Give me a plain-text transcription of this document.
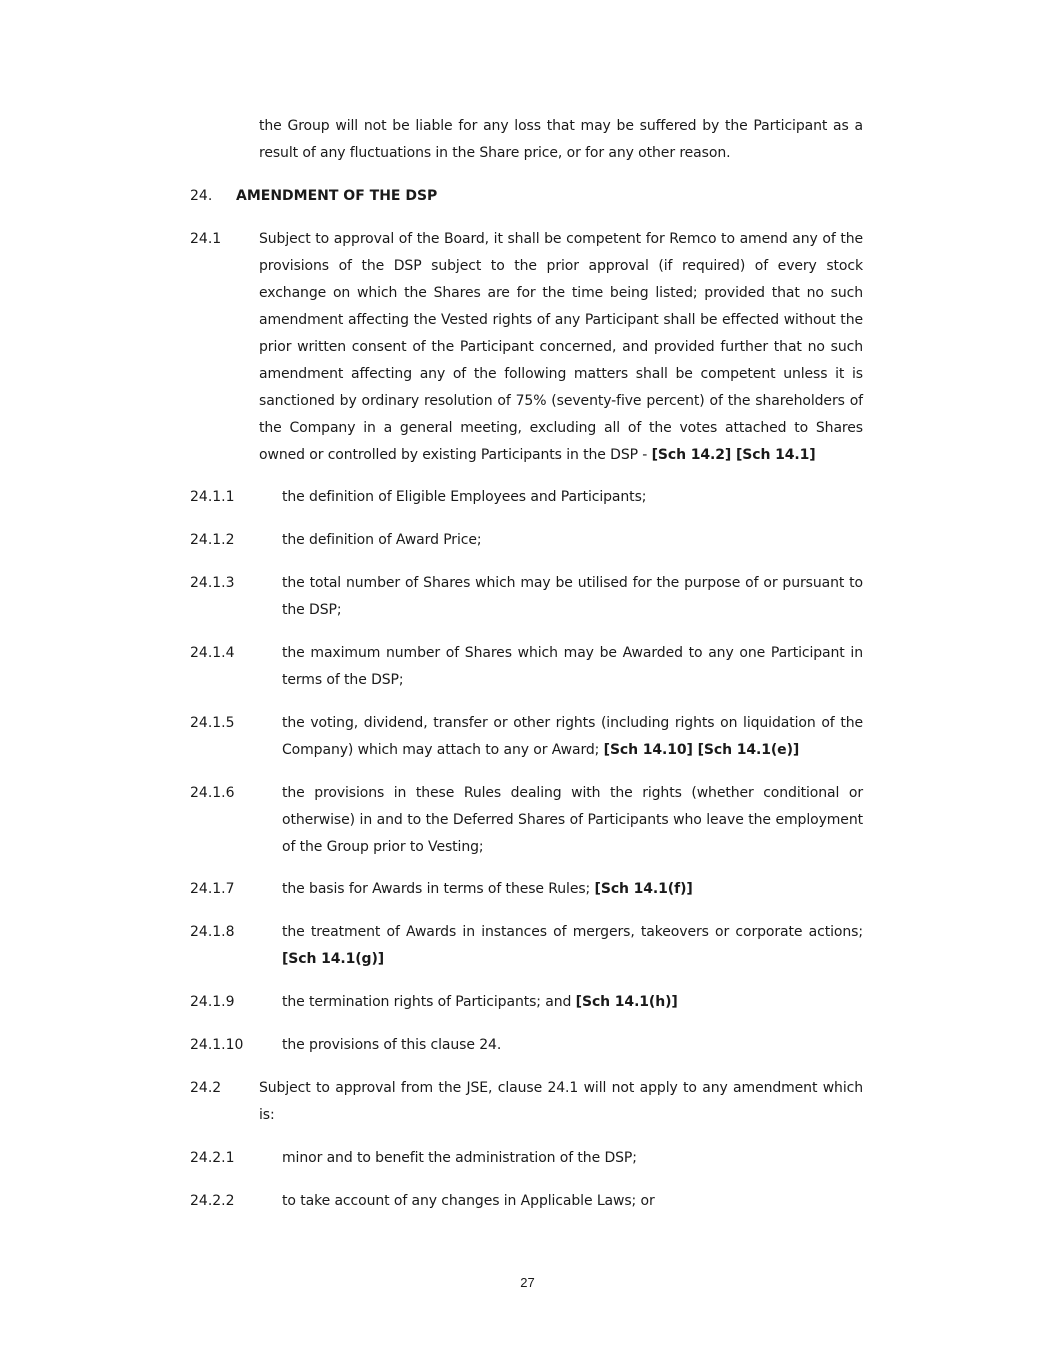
the Group will not be liable for any loss that may be suffered by the Participant as a result of any fluctuations in the Share price, or for any other reason.
24. AMENDMENT OF THE DSP
24.1	Subject to approval of the Board, it shall be competent for Remco to amend any of the provisions of the DSP subject to the prior approval (if required) of every stock exchange on which the Shares are for the time being listed; provided that no such amendment affecting the Vested rights of any Participant shall be effected without the prior written consent of the Participant concerned, and provided further that no such amendment affecting any of the following matters shall be competent unless it is sanctioned by ordinary resolution of 75% (seventy-five percent) of the shareholders of the Company in a general meeting, excluding all of the votes attached to Shares owned or controlled by existing Participants in the DSP - [Sch 14.2] [Sch 14.1]
24.1.1	the definition of Eligible Employees and Participants;
24.1.2	the definition of Award Price;
24.1.3	the total number of Shares which may be utilised for the purpose of or pursuant to the DSP;
24.1.4	the maximum number of Shares which may be Awarded to any one Participant in terms of the DSP;
24.1.5	the voting, dividend, transfer or other rights (including rights on liquidation of the Company) which may attach to any or Award; [Sch 14.10] [Sch 14.1(e)]
24.1.6	the provisions in these Rules dealing with the rights (whether conditional or otherwise) in and to the Deferred Shares of Participants who leave the employment of the Group prior to Vesting;
24.1.7	the basis for Awards in terms of these Rules; [Sch 14.1(f)]
24.1.8	the treatment of Awards in instances of mergers, takeovers or corporate actions; [Sch 14.1(g)]
24.1.9	the termination rights of Participants; and [Sch 14.1(h)]
24.1.10	the provisions of this clause 24.
24.2	Subject to approval from the JSE, clause 24.1 will not apply to any amendment which is:
24.2.1	minor and to benefit the administration of the DSP;
24.2.2	to take account of any changes in Applicable Laws; or
27
